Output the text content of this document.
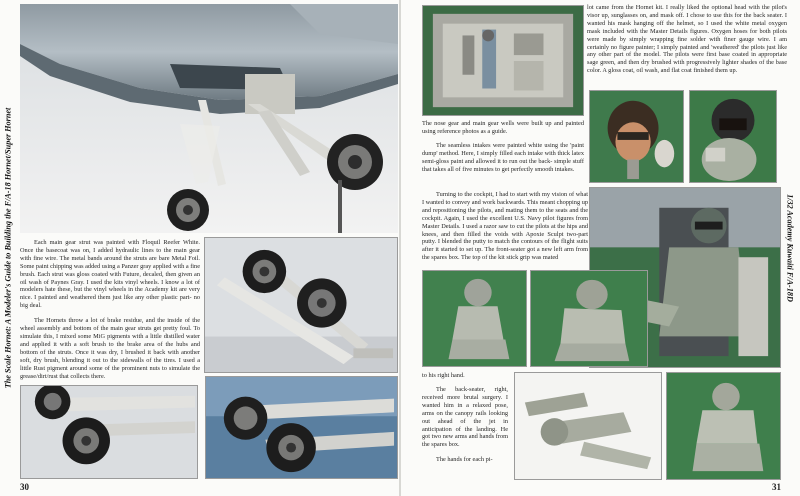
Each main gear strut was painted with Floquil Reefer White. Once the basecoat was on, I added hydraulic lines to the main gear with fine wire. The metal bands around the struts are bare Metal Foil. Some paint chipping was added using a Panzer gray applied with a fine brush. Each strut was gloss coated with Future, decaled, then given an oil wash of Paynes Gray. I used the kits vinyl wheels. I know a lot of modelers hate these, but the vinyl wheels in the Academy kit are very nice. I painted and weathered them just like any other plastic part- no big deal.

The Hornets throw a lot of brake residue, and the inside of the wheel assembly and bottom of the main gear struts get pretty foul. To simulate this, I mixed some MiG pigments with a little distilled water and applied it with a soft brush to the brake area of the hubs and bottom of the struts. Once it was dry, I brushed it back with another soft, dry brush, blending it out to the sidewalls of the tires. I used a little Rust pigment around some of the prominent nuts to simulate the grease/dirt/rust that collects there.

30
The Scale Hornet: A Modeler's Guide to Building the F/A-18 Hornet/Super Hornet
lot came from the Hornet kit. I really liked the optional head with the pilot's visor up, sunglasses on, and mask off. I chose to use this for the back seater. I wanted his mask hanging off the helmet, so I used the white metal oxygen mask included with the Master Details figures. Oxygen hoses for both pilots were made by simply wrapping fine solder with finer gauge wire. I am certainly no figure painter; I simply painted and 'weathered' the pilots just like any other part of the model. The pilots were first base coated in appropriate sage green, and then dry brushed with progressively lighter shades of the base color. A gloss coat, oil wash, and flat coat finished them up.
The nose gear and main gear wells were built up and painted using reference photos as a guide.

The seamless intakes were painted white using the 'paint dump' method. Here, I simply filled each intake with thick latex semi-gloss paint and allowed it to run out the back- simple stuff that takes all of five minutes to get perfectly smooth intakes.

Turning to the cockpit, I had to start with my vision of what I wanted to convey and work backwards. This meant chopping up and repositioning the pilots, and mating them to the seats and the cockpit. Again, I used the excellent U.S. Navy pilot figures from Master Details. I used a razor saw to cut the pilots at the hips and knees, and then filled the voids with Apoxie Sculpt two-part putty. I blended the putty to match the contours of the flight suits after it started to set up. The front-seater got a new left arm from the spares box. The top of the kit stick grip was mated

to his right hand.

The back-seater, right, received more brutal surgery. I wanted him in a relaxed pose, arms on the canopy rails looking out ahead of the jet in anticipation of the landing. He got two new arms and hands from the spares box.

The hands for each pi-

31
1/32 Academy Kuwaiti F/A-18D
